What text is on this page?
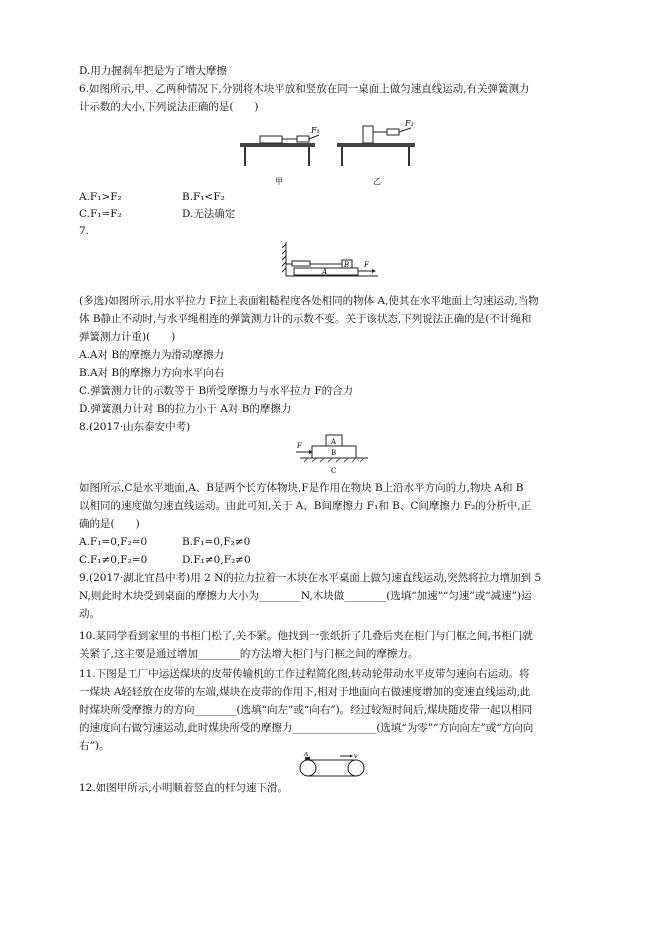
D.用力握刹车把是为了增大摩擦
6.如图所示,甲、乙两种情况下,分别将木块平放和竖放在同一桌面上做匀速直线运动,有关弹簧测力
计示数的大小,下列说法正确的是(　　)
F₁
甲
F₂
乙
A.F₁>F₂	B.F₁<F₂
C.F₁=F₂	D.无法确定
7.
B
A
F
(多选)如图所示,用水平拉力 F拉上表面粗糙程度各处相同的物体 A,使其在水平地面上匀速运动,当物
体 B静止不动时,与水平绳相连的弹簧测力计的示数不变。关于该状态,下列说法正确的是(不计绳和
弹簧测力计重)(　　)
A.A对 B的摩擦力为滑动摩擦力
B.A对 B的摩擦力方向水平向右
C.弹簧测力计的示数等于 B所受摩擦力与水平拉力 F的合力
D.弹簧测力计对 B的拉力小于 A对 B的摩擦力
8.(2017·山东泰安中考)
A
B
F
C
如图所示,C是水平地面,A、B是两个长方体物块,F是作用在物块 B上沿水平方向的力,物块 A和 B
以相同的速度做匀速直线运动。由此可知,关于 A、B间摩擦力 F₁和 B、C间摩擦力 F₂的分析中,正
确的是(　　)
A.F₁=0,F₂=0	B.F₁=0,F₂≠0
C.F₁≠0,F₂=0	D.F₁≠0,F₂≠0
9.(2017·湖北宜昌中考)用 2 N的拉力拉着一木块在水平桌面上做匀速直线运动,突然将拉力增加到 5
N,则此时木块受到桌面的摩擦力大小为________N,木块做________(选填“加速”“匀速”或“减速”)运
动。
10.某同学看到家里的书柜门松了,关不紧。他找到一张纸折了几叠后夹在柜门与门框之间,书柜门就
关紧了,这主要是通过增加________的方法增大柜门与门框之间的摩擦力。
11.下图是工厂中运送煤块的皮带传输机的工作过程简化图,转动轮带动水平皮带匀速向右运动。将
一煤块 A轻轻放在皮带的左端,煤块在皮带的作用下,相对于地面向右做速度增加的变速直线运动,此
时煤块所受摩擦力的方向________(选填“向左”或“向右”)。经过较短时间后,煤块随皮带一起以相同
的速度向右做匀速运动,此时煤块所受的摩擦力________________(选填“为零”“方向向左”或“方向向
右”)。
A	v
12.如图甲所示,小明顺着竖直的杆匀速下滑。
